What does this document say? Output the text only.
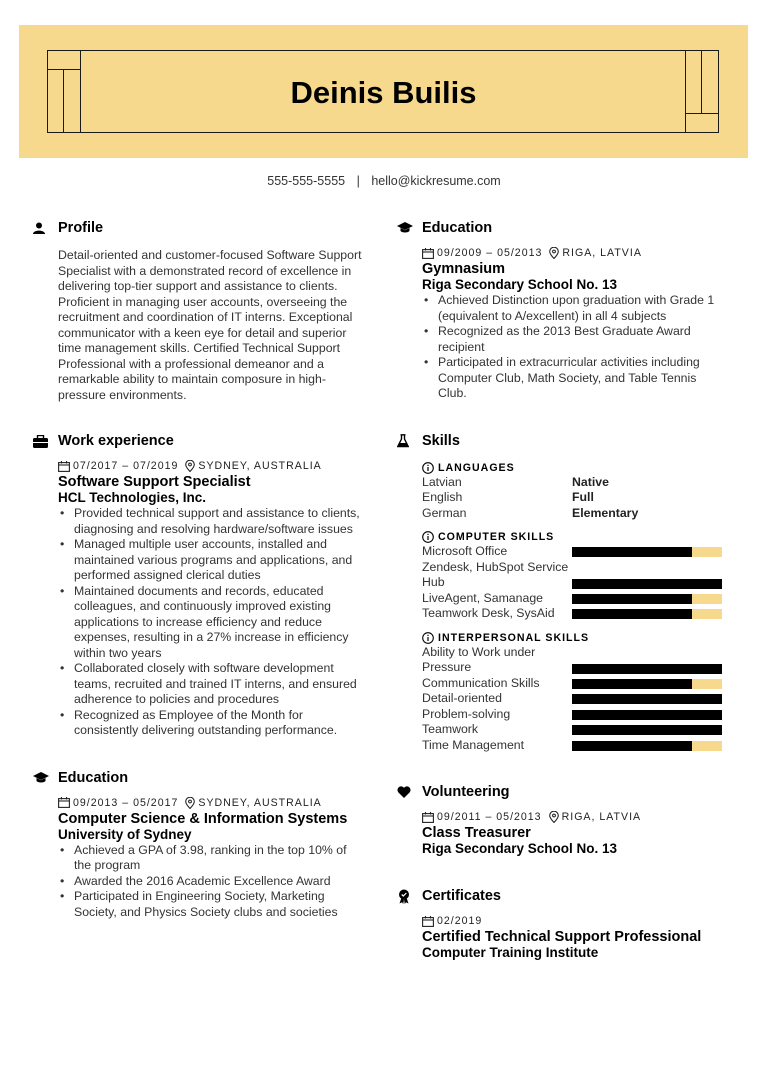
Deinis Builis
555-555-5555 | hello@kickresume.com
Profile

Detail-oriented and customer-focused Software Support Specialist with a demonstrated record of excellence in delivering top-tier support and assistance to clients. Proficient in managing user accounts, overseeing the recruitment and coordination of IT interns. Exceptional communicator with a keen eye for detail and superior time management skills. Certified Technical Support Professional with a professional demeanor and a remarkable ability to maintain composure in high-pressure environments.

Work experience
07/2017 – 07/2019 SYDNEY, AUSTRALIA
Software Support Specialist
HCL Technologies, Inc.
• Provided technical support and assistance to clients, diagnosing and resolving hardware/software issues
• Managed multiple user accounts, installed and maintained various programs and applications, and performed assigned clerical duties
• Maintained documents and records, educated colleagues, and continuously improved existing applications to increase efficiency and reduce expenses, resulting in a 27% increase in efficiency within two years
• Collaborated closely with software development teams, recruited and trained IT interns, and ensured adherence to policies and procedures
• Recognized as Employee of the Month for consistently delivering outstanding performance.
Education
09/2013 – 05/2017 SYDNEY, AUSTRALIA
Computer Science & Information Systems
University of Sydney
• Achieved a GPA of 3.98, ranking in the top 10% of the program
• Awarded the 2016 Academic Excellence Award
• Participated in Engineering Society, Marketing Society, and Physics Society clubs and societies
Education
09/2009 – 05/2013 RIGA, LATVIA
Gymnasium
Riga Secondary School No. 13
• Achieved Distinction upon graduation with Grade 1 (equivalent to A/excellent) in all 4 subjects
• Recognized as the 2013 Best Graduate Award recipient
• Participated in extracurricular activities including Computer Club, Math Society, and Table Tennis Club.
Skills
LANGUAGES
Latvian	Native
English	Full
German	Elementary
COMPUTER SKILLS
Microsoft Office
Zendesk, HubSpot Service Hub
LiveAgent, Samanage
Teamwork Desk, SysAid
INTERPERSONAL SKILLS
Ability to Work under Pressure
Communication Skills
Detail-oriented
Problem-solving
Teamwork
Time Management
Volunteering
09/2011 – 05/2013 RIGA, LATVIA
Class Treasurer
Riga Secondary School No. 13
Certificates
02/2019
Certified Technical Support Professional
Computer Training Institute
